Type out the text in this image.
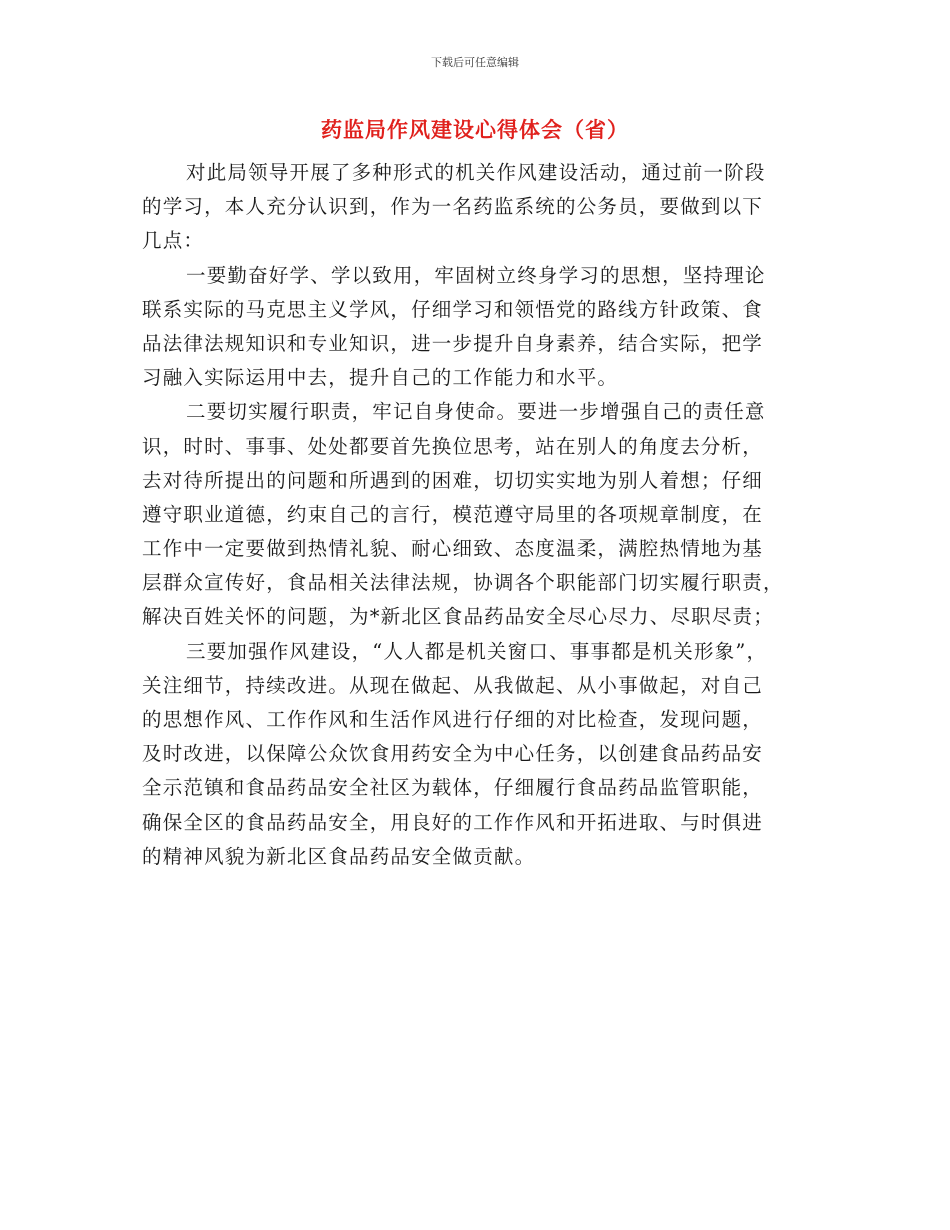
下载后可任意编辑
药监局作风建设心得体会（省）
对此局领导开展了多种形式的机关作风建设活动，通过前一阶段
的学习，本人充分认识到，作为一名药监系统的公务员，要做到以下
几点：
一要勤奋好学、学以致用，牢固树立终身学习的思想，坚持理论
联系实际的马克思主义学风，仔细学习和领悟党的路线方针政策、食
品法律法规知识和专业知识，进一步提升自身素养，结合实际，把学
习融入实际运用中去，提升自己的工作能力和水平。
二要切实履行职责，牢记自身使命。要进一步增强自己的责任意
识，时时、事事、处处都要首先换位思考，站在别人的角度去分析，
去对待所提出的问题和所遇到的困难，切切实实地为别人着想；仔细
遵守职业道德，约束自己的言行，模范遵守局里的各项规章制度，在
工作中一定要做到热情礼貌、耐心细致、态度温柔，满腔热情地为基
层群众宣传好，食品相关法律法规，协调各个职能部门切实履行职责，
解决百姓关怀的问题，为*新北区食品药品安全尽心尽力、尽职尽责；
三要加强作风建设，“人人都是机关窗口、事事都是机关形象”，
关注细节，持续改进。从现在做起、从我做起、从小事做起，对自己
的思想作风、工作作风和生活作风进行仔细的对比检查，发现问题，
及时改进，以保障公众饮食用药安全为中心任务，以创建食品药品安
全示范镇和食品药品安全社区为载体，仔细履行食品药品监管职能，
确保全区的食品药品安全，用良好的工作作风和开拓进取、与时俱进
的精神风貌为新北区食品药品安全做贡献。
